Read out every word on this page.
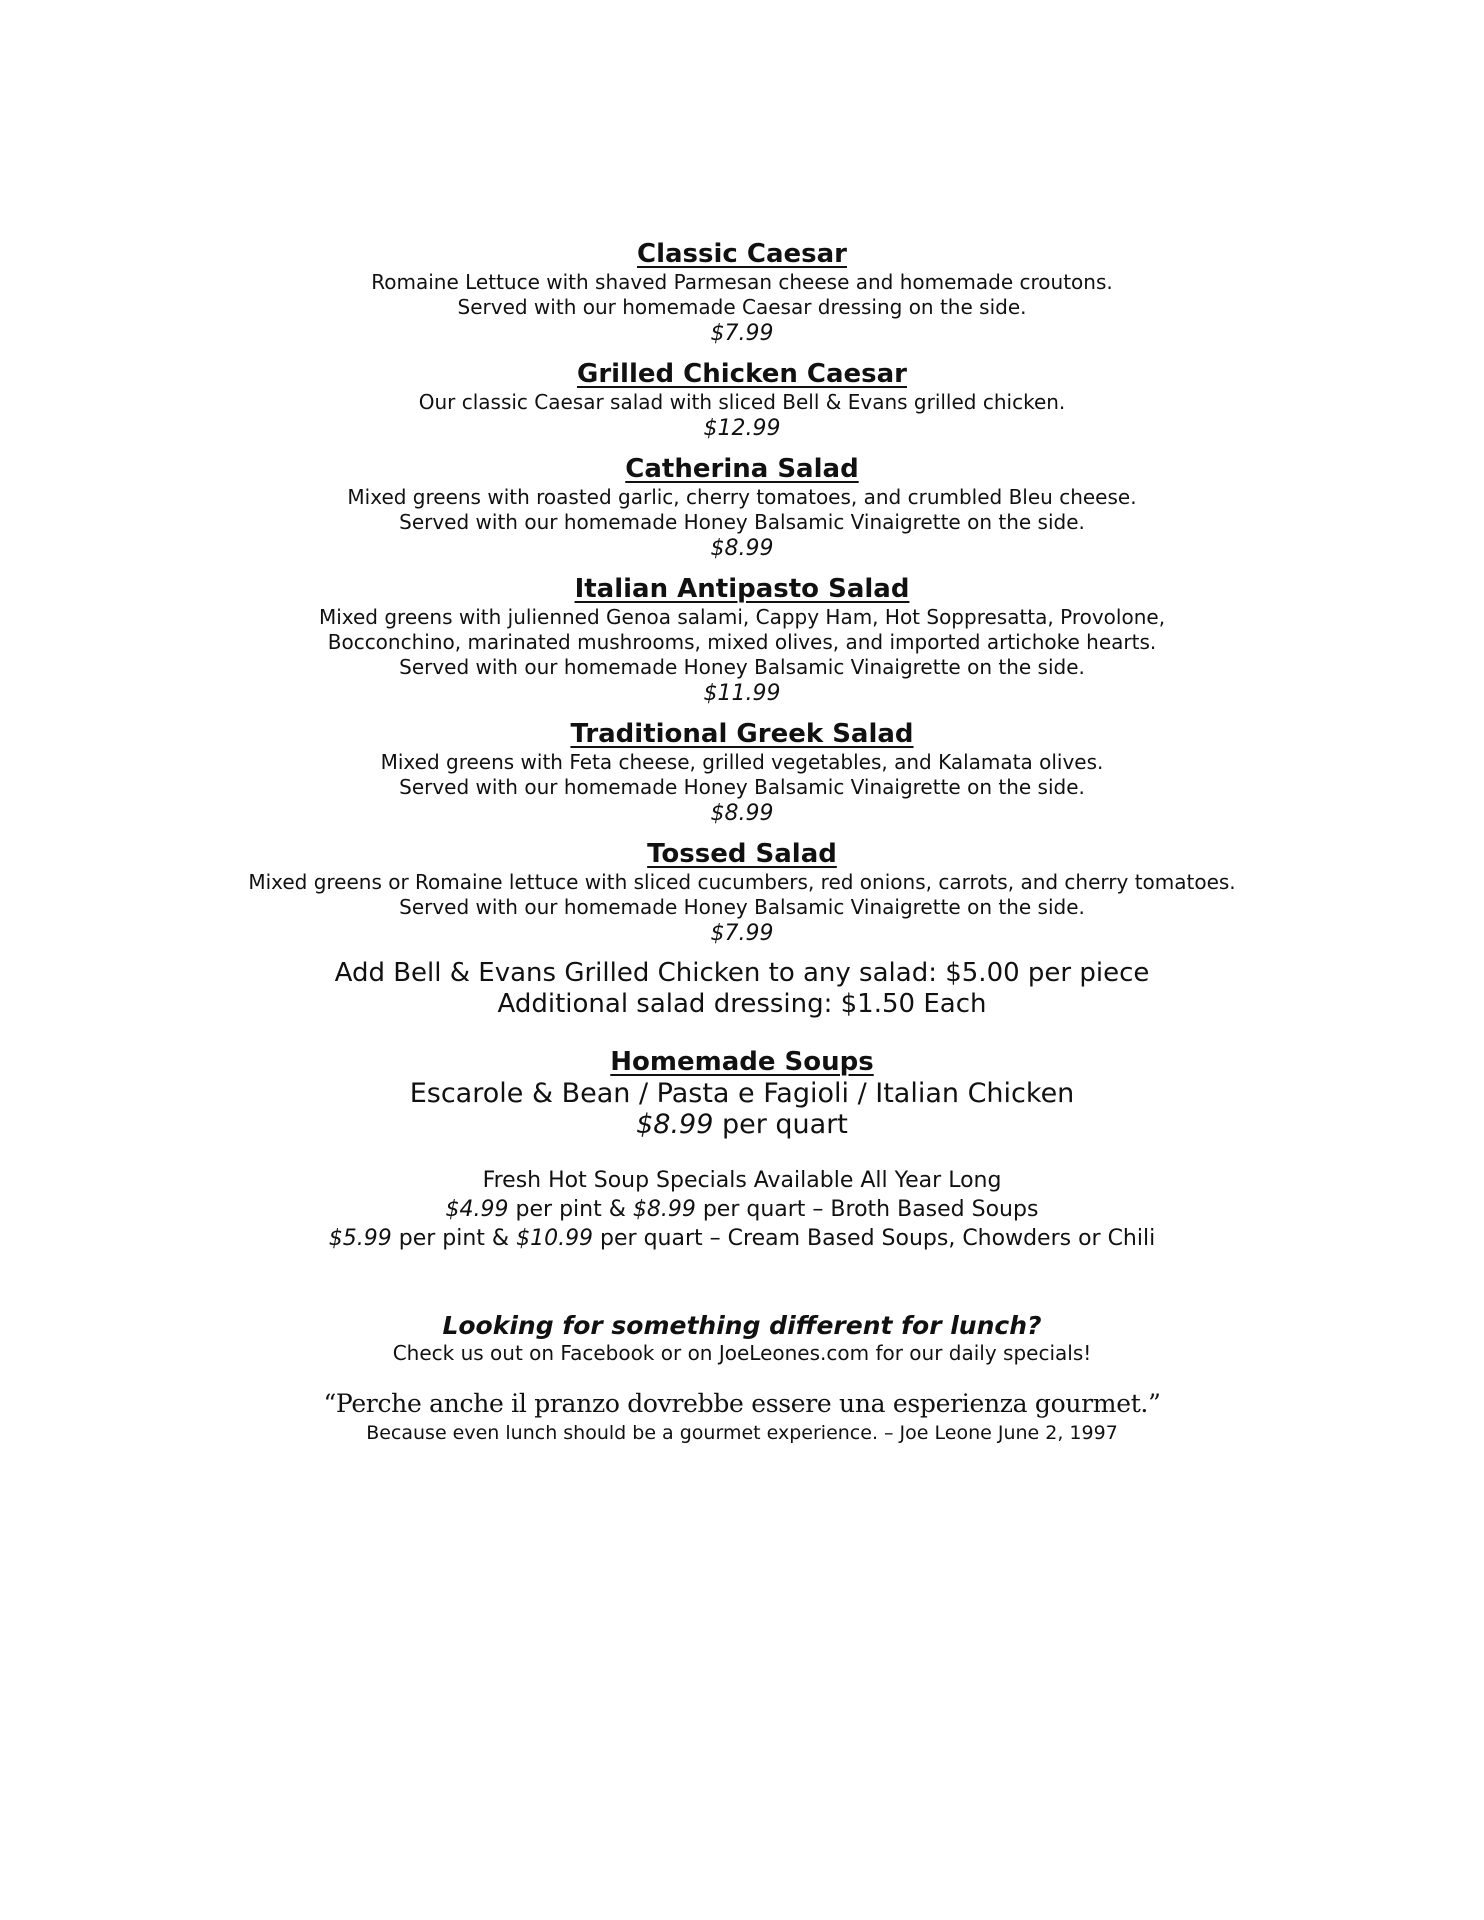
Classic Caesar
Romaine Lettuce with shaved Parmesan cheese and homemade croutons.
Served with our homemade Caesar dressing on the side.
$7.99
Grilled Chicken Caesar
Our classic Caesar salad with sliced Bell & Evans grilled chicken.
$12.99
Catherina Salad
Mixed greens with roasted garlic, cherry tomatoes, and crumbled Bleu cheese.
Served with our homemade Honey Balsamic Vinaigrette on the side.
$8.99
Italian Antipasto Salad
Mixed greens with julienned Genoa salami, Cappy Ham, Hot Soppresatta, Provolone,
Bocconchino, marinated mushrooms, mixed olives, and imported artichoke hearts.
Served with our homemade Honey Balsamic Vinaigrette on the side.
$11.99
Traditional Greek Salad
Mixed greens with Feta cheese, grilled vegetables, and Kalamata olives.
Served with our homemade Honey Balsamic Vinaigrette on the side.
$8.99
Tossed Salad
Mixed greens or Romaine lettuce with sliced cucumbers, red onions, carrots, and cherry tomatoes.
Served with our homemade Honey Balsamic Vinaigrette on the side.
$7.99
Add Bell & Evans Grilled Chicken to any salad: $5.00 per piece
Additional salad dressing: $1.50 Each
Homemade Soups
Escarole & Bean / Pasta e Fagioli / Italian Chicken
$8.99 per quart
Fresh Hot Soup Specials Available All Year Long
$4.99 per pint & $8.99 per quart – Broth Based Soups
$5.99 per pint & $10.99 per quart – Cream Based Soups, Chowders or Chili
Looking for something different for lunch?
Check us out on Facebook or on JoeLeones.com for our daily specials!
“Perche anche il pranzo dovrebbe essere una esperienza gourmet.”
Because even lunch should be a gourmet experience. – Joe Leone June 2, 1997
